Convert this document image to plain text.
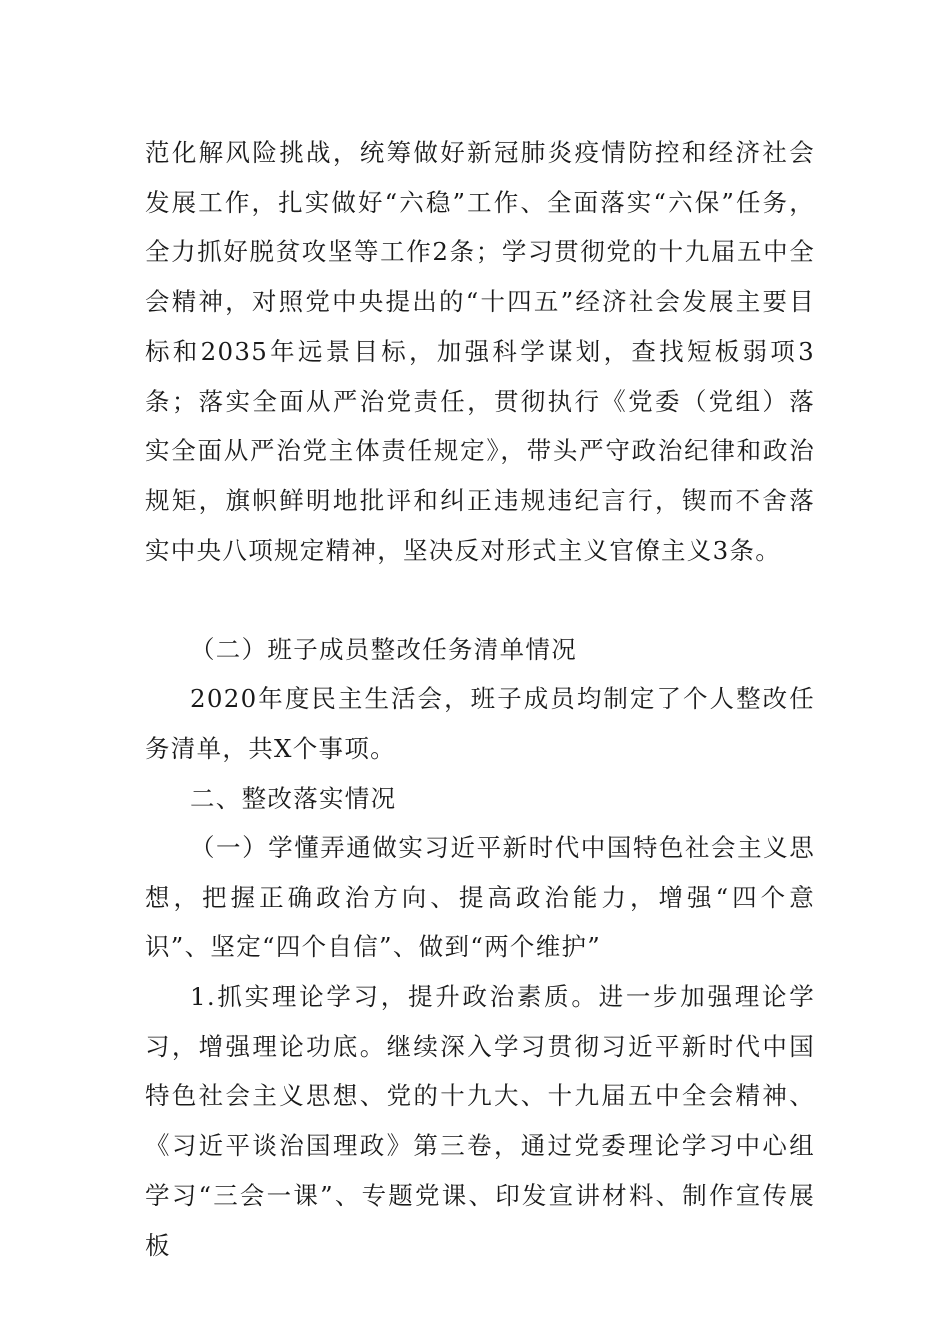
范化解风险挑战，统筹做好新冠肺炎疫情防控和经济社会发展工作，扎实做好“六稳”工作、全面落实“六保”任务，全力抓好脱贫攻坚等工作2条；学习贯彻党的十九届五中全会精神，对照党中央提出的“十四五”经济社会发展主要目标和2035年远景目标，加强科学谋划，查找短板弱项3条；落实全面从严治党责任，贯彻执行《党委（党组）落实全面从严治党主体责任规定》，带头严守政治纪律和政治规矩，旗帜鲜明地批评和纠正违规违纪言行，锲而不舍落实中央八项规定精神，坚决反对形式主义官僚主义3条。

（二）班子成员整改任务清单情况

2020年度民主生活会，班子成员均制定了个人整改任务清单，共X个事项。

二、整改落实情况

（一）学懂弄通做实习近平新时代中国特色社会主义思想，把握正确政治方向、提高政治能力，增强“四个意识”、坚定“四个自信”、做到“两个维护”

1.抓实理论学习，提升政治素质。进一步加强理论学习，增强理论功底。继续深入学习贯彻习近平新时代中国特色社会主义思想、党的十九大、十九届五中全会精神、《习近平谈治国理政》第三卷，通过党委理论学习中心组学习“三会一课”、专题党课、印发宣讲材料、制作宣传展板
